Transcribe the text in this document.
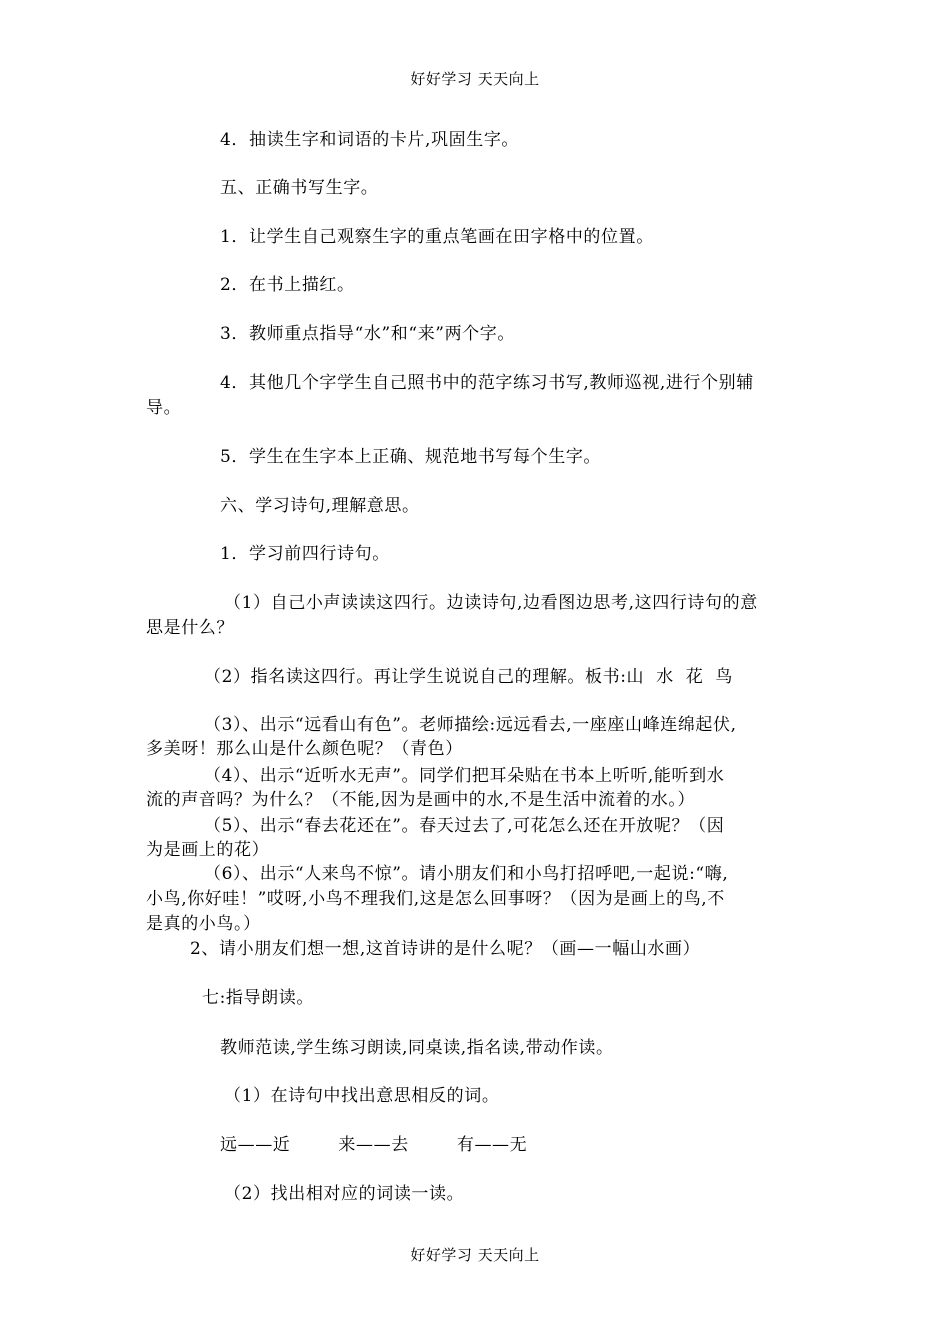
好好学习 天天向上
4．抽读生字和词语的卡片,巩固生字。
五、正确书写生字。
1．让学生自己观察生字的重点笔画在田字格中的位置。
2．在书上描红。
3．教师重点指导“水”和“来”两个字。
4．其他几个字学生自己照书中的范字练习书写,教师巡视,进行个别辅
导。
5．学生在生字本上正确、规范地书写每个生字。
六、学习诗句,理解意思。
1．学习前四行诗句。
（1）自己小声读读这四行。边读诗句,边看图边思考,这四行诗句的意
思是什么？
（2）指名读这四行。再让学生说说自己的理解。板书:山  水  花  鸟
（3）、出示“远看山有色”。老师描绘:远远看去,一座座山峰连绵起伏,
多美呀！那么山是什么颜色呢？（青色）
（4）、出示“近听水无声”。同学们把耳朵贴在书本上听听,能听到水
流的声音吗？为什么？（不能,因为是画中的水,不是生活中流着的水。）
（5）、出示“春去花还在”。春天过去了,可花怎么还在开放呢？（因
为是画上的花）
（6）、出示“人来鸟不惊”。请小朋友们和小鸟打招呼吧,一起说:“嗨,
小鸟,你好哇！”哎呀,小鸟不理我们,这是怎么回事呀？（因为是画上的鸟,不
是真的小鸟。）
2、请小朋友们想一想,这首诗讲的是什么呢？（画—一幅山水画）
七:指导朗读。
教师范读,学生练习朗读,同桌读,指名读,带动作读。
（1）在诗句中找出意思相反的词。
远——近        来——去        有——无
（2）找出相对应的词读一读。
好好学习 天天向上
